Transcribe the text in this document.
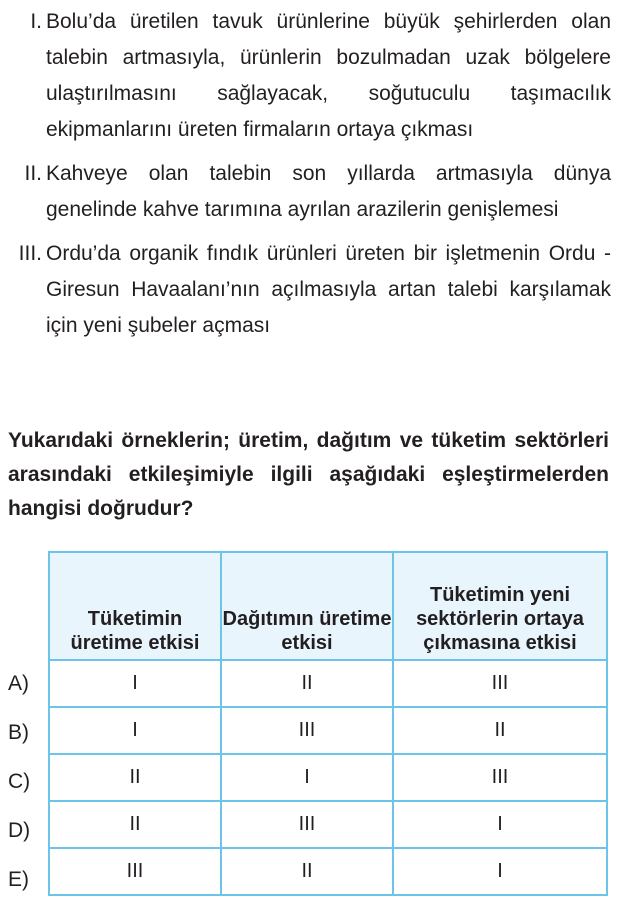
I. Bolu’da üretilen tavuk ürünlerine büyük şehirlerden olan talebin artmasıyla, ürünlerin bozulmadan uzak bölgelere ulaştırılmasını sağlayacak, soğutuculu taşımacılık ekipmanlarını üreten firmaların ortaya çıkması
II. Kahveye olan talebin son yıllarda artmasıyla dünya genelinde kahve tarımına ayrılan arazilerin genişlemesi
III. Ordu’da organik fındık ürünleri üreten bir işletmenin Ordu - Giresun Havaalanı’nın açılmasıyla artan talebi karşılamak için yeni şubeler açması
Yukarıdaki örneklerin; üretim, dağıtım ve tüketim sektörleri arasındaki etkileşimiyle ilgili aşağıdaki eşleştirmelerden hangisi doğrudur?
A)
B)
C)
D)
E)
Tüketimin üretime etkisi	Dağıtımın üretime etkisi	Tüketimin yeni sektörlerin ortaya çıkmasına etkisi
I	II	III
I	III	II
II	I	III
II	III	I
III	II	I
